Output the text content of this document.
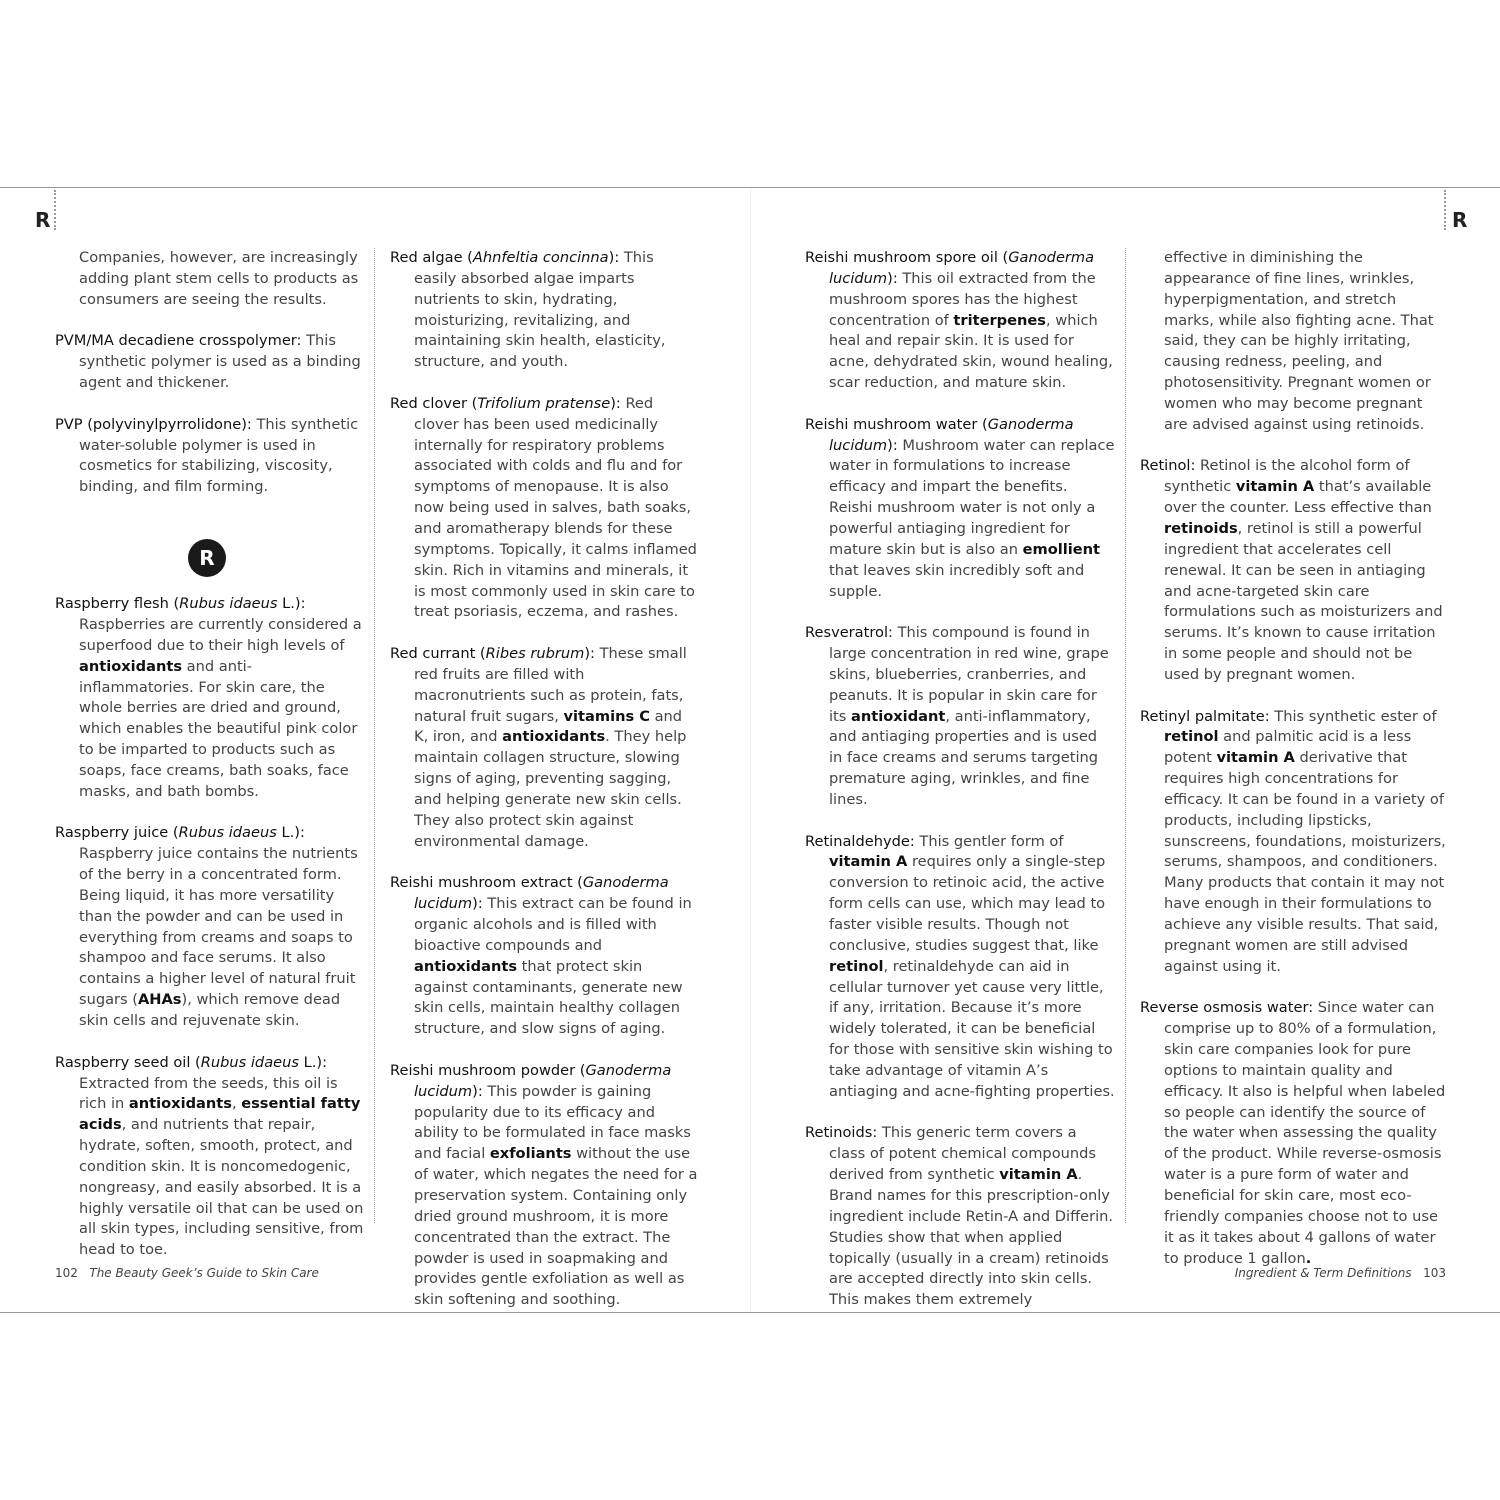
R	R

Companies, however, are increasingly adding plant stem cells to products as consumers are seeing the results.

PVM/MA decadiene crosspolymer: This synthetic polymer is used as a binding agent and thickener.

PVP (polyvinylpyrrolidone): This synthetic water-soluble polymer is used in cosmetics for stabilizing, viscosity, binding, and film forming.

R

Raspberry flesh (Rubus idaeus L.): Raspberries are currently considered a superfood due to their high levels of antioxidants and anti-inflammatories. For skin care, the whole berries are dried and ground, which enables the beautiful pink color to be imparted to products such as soaps, face creams, bath soaks, face masks, and bath bombs.

Raspberry juice (Rubus idaeus L.): Raspberry juice contains the nutrients of the berry in a concentrated form. Being liquid, it has more versatility than the powder and can be used in everything from creams and soaps to shampoo and face serums. It also contains a higher level of natural fruit sugars (AHAs), which remove dead skin cells and rejuvenate skin.

Raspberry seed oil (Rubus idaeus L.): Extracted from the seeds, this oil is rich in antioxidants, essential fatty acids, and nutrients that repair, hydrate, soften, smooth, protect, and condition skin. It is noncomedogenic, nongreasy, and easily absorbed. It is a highly versatile oil that can be used on all skin types, including sensitive, from head to toe.

Red algae (Ahnfeltia concinna): This easily absorbed algae imparts nutrients to skin, hydrating, moisturizing, revitalizing, and maintaining skin health, elasticity, structure, and youth.

Red clover (Trifolium pratense): Red clover has been used medicinally internally for respiratory problems associated with colds and flu and for symptoms of menopause. It is also now being used in salves, bath soaks, and aromatherapy blends for these symptoms. Topically, it calms inflamed skin. Rich in vitamins and minerals, it is most commonly used in skin care to treat psoriasis, eczema, and rashes.

Red currant (Ribes rubrum): These small red fruits are filled with macronutrients such as protein, fats, natural fruit sugars, vitamins C and K, iron, and antioxidants. They help maintain collagen structure, slowing signs of aging, preventing sagging, and helping generate new skin cells. They also protect skin against environmental damage.

Reishi mushroom extract (Ganoderma lucidum): This extract can be found in organic alcohols and is filled with bioactive compounds and antioxidants that protect skin against contaminants, generate new skin cells, maintain healthy collagen structure, and slow signs of aging.

Reishi mushroom powder (Ganoderma lucidum): This powder is gaining popularity due to its efficacy and ability to be formulated in face masks and facial exfoliants without the use of water, which negates the need for a preservation system. Containing only dried ground mushroom, it is more concentrated than the extract. The powder is used in soapmaking and provides gentle exfoliation as well as skin softening and soothing.

Reishi mushroom spore oil (Ganoderma lucidum): This oil extracted from the mushroom spores has the highest concentration of triterpenes, which heal and repair skin. It is used for acne, dehydrated skin, wound healing, scar reduction, and mature skin.

Reishi mushroom water (Ganoderma lucidum): Mushroom water can replace water in formulations to increase efficacy and impart the benefits. Reishi mushroom water is not only a powerful antiaging ingredient for mature skin but is also an emollient that leaves skin incredibly soft and supple.

Resveratrol: This compound is found in large concentration in red wine, grape skins, blueberries, cranberries, and peanuts. It is popular in skin care for its antioxidant, anti-inflammatory, and antiaging properties and is used in face creams and serums targeting premature aging, wrinkles, and fine lines.

Retinaldehyde: This gentler form of vitamin A requires only a single-step conversion to retinoic acid, the active form cells can use, which may lead to faster visible results. Though not conclusive, studies suggest that, like retinol, retinaldehyde can aid in cellular turnover yet cause very little, if any, irritation. Because it’s more widely tolerated, it can be beneficial for those with sensitive skin wishing to take advantage of vitamin A’s antiaging and acne-fighting properties.

Retinoids: This generic term covers a class of potent chemical compounds derived from synthetic vitamin A. Brand names for this prescription-only ingredient include Retin-A and Differin. Studies show that when applied topically (usually in a cream) retinoids are accepted directly into skin cells. This makes them extremely

effective in diminishing the appearance of fine lines, wrinkles, hyperpigmentation, and stretch marks, while also fighting acne. That said, they can be highly irritating, causing redness, peeling, and photosensitivity. Pregnant women or women who may become pregnant are advised against using retinoids.

Retinol: Retinol is the alcohol form of synthetic vitamin A that’s available over the counter. Less effective than retinoids, retinol is still a powerful ingredient that accelerates cell renewal. It can be seen in antiaging and acne-targeted skin care formulations such as moisturizers and serums. It’s known to cause irritation in some people and should not be used by pregnant women.

Retinyl palmitate: This synthetic ester of retinol and palmitic acid is a less potent vitamin A derivative that requires high concentrations for efficacy. It can be found in a variety of products, including lipsticks, sunscreens, foundations, moisturizers, serums, shampoos, and conditioners. Many products that contain it may not have enough in their formulations to achieve any visible results. That said, pregnant women are still advised against using it.

Reverse osmosis water: Since water can comprise up to 80% of a formulation, skin care companies look for pure options to maintain quality and efficacy. It also is helpful when labeled so people can identify the source of the water when assessing the quality of the product. While reverse-osmosis water is a pure form of water and beneficial for skin care, most eco-friendly companies choose not to use it as it takes about 4 gallons of water to produce 1 gallon.

102 The Beauty Geek’s Guide to Skin Care	Ingredient & Term Definitions 103
